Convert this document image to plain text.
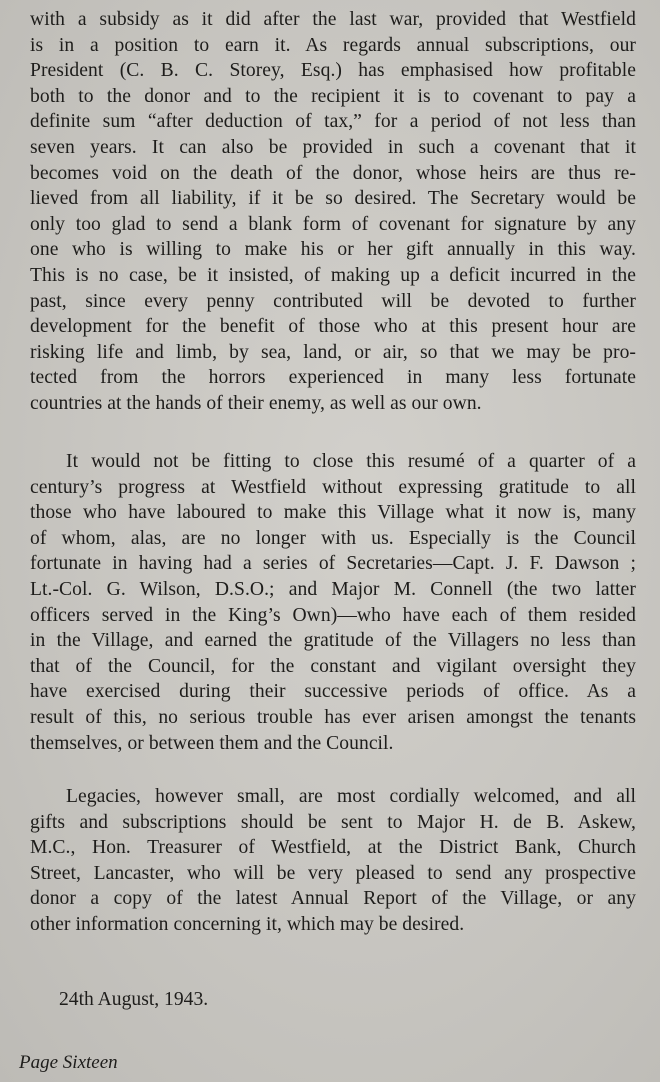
with a subsidy as it did after the last war, provided that Westfield
is in a position to earn it. As regards annual subscriptions, our
President (C. B. C. Storey, Esq.) has emphasised how profitable
both to the donor and to the recipient it is to covenant to pay a
definite sum “after deduction of tax,” for a period of not less than
seven years. It can also be provided in such a covenant that it
becomes void on the death of the donor, whose heirs are thus re-
lieved from all liability, if it be so desired. The Secretary would be
only too glad to send a blank form of covenant for signature by any
one who is willing to make his or her gift annually in this way.
This is no case, be it insisted, of making up a deficit incurred in the
past, since every penny contributed will be devoted to further
development for the benefit of those who at this present hour are
risking life and limb, by sea, land, or air, so that we may be pro-
tected from the horrors experienced in many less fortunate
countries at the hands of their enemy, as well as our own.

It would not be fitting to close this resumé of a quarter of a
century’s progress at Westfield without expressing gratitude to all
those who have laboured to make this Village what it now is, many
of whom, alas, are no longer with us. Especially is the Council
fortunate in having had a series of Secretaries—Capt. J. F. Dawson ;
Lt.-Col. G. Wilson, D.S.O.; and Major M. Connell (the two latter
officers served in the King’s Own)—who have each of them resided
in the Village, and earned the gratitude of the Villagers no less than
that of the Council, for the constant and vigilant oversight they
have exercised during their successive periods of office. As a
result of this, no serious trouble has ever arisen amongst the tenants
themselves, or between them and the Council.

Legacies, however small, are most cordially welcomed, and all
gifts and subscriptions should be sent to Major H. de B. Askew,
M.C., Hon. Treasurer of Westfield, at the District Bank, Church
Street, Lancaster, who will be very pleased to send any prospective
donor a copy of the latest Annual Report of the Village, or any
other information concerning it, which may be desired.

24th August, 1943.
Page Sixteen
